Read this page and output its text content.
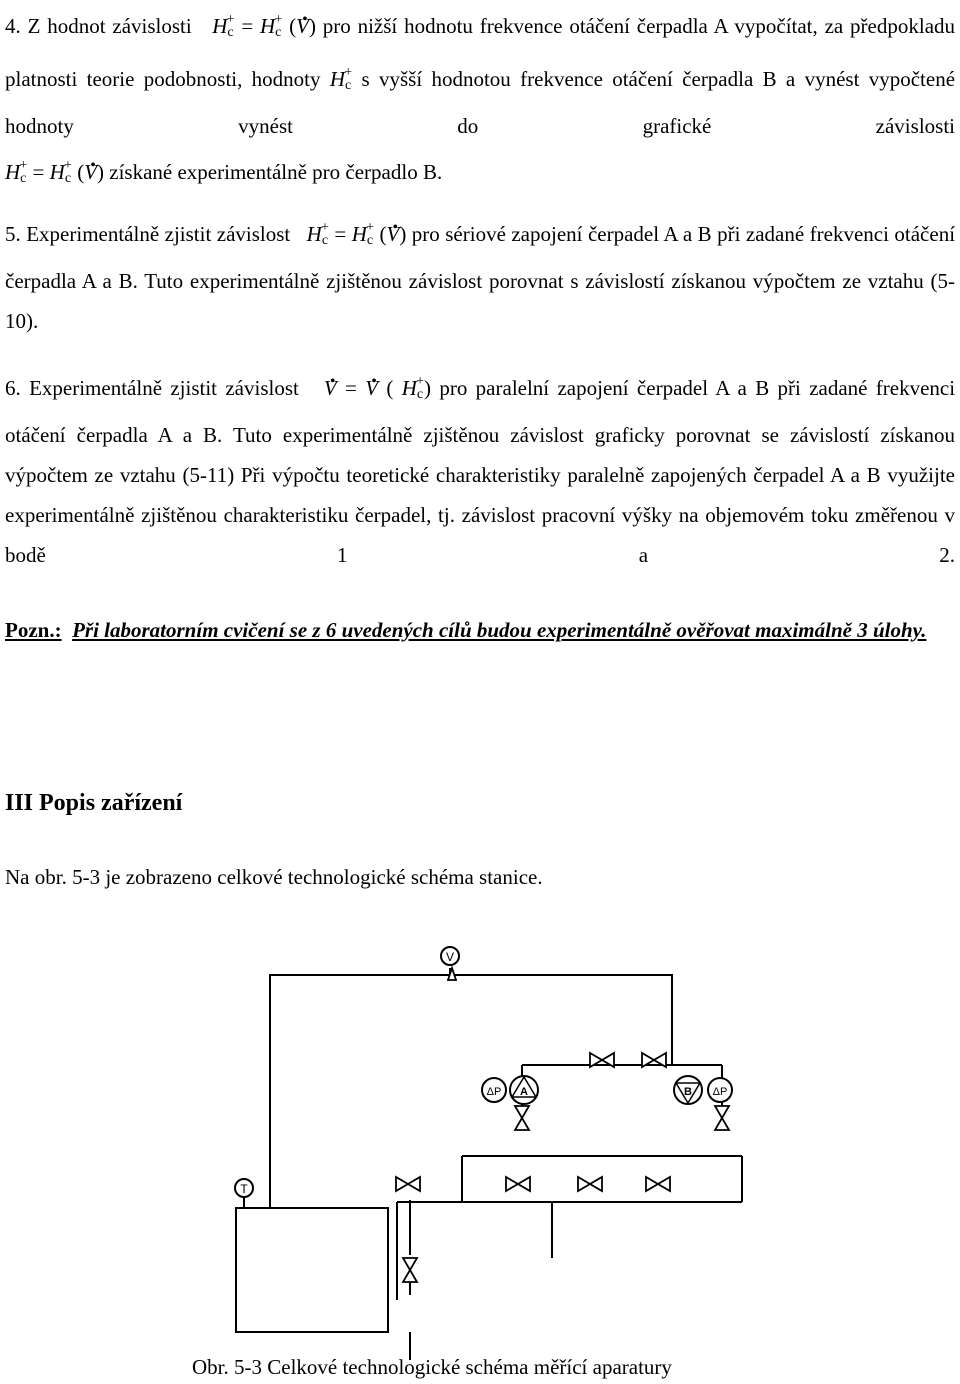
4. Z hodnot závislosti $H_c^+ = H_c^+$ (• V) pro nižší hodnotu frekvence otáčení čerpadla A vypočítat, za předpokladu platnosti teorie podobnosti, hodnoty $H_c^+$ s vyšší hodnotou frekvence otáčení čerpadla B a vynést vypočtené hodnoty vynést do grafické závislosti
$H_c^+ = H_c^+$ (• V) získané experimentálně pro čerpadlo B.

5. Experimentálně zjistit závislost $H_c^+ = H_c^+$ (• V) pro sériové zapojení čerpadel A a B při zadané frekvenci otáčení čerpadla A a B. Tuto experimentálně zjištěnou závislost porovnat s závislostí získanou výpočtem ze vztahu (5-10).

6. Experimentálně zjistit závislost • V = • V ( $H_c^+$) pro paralelní zapojení čerpadel A a B při zadané frekvenci otáčení čerpadla A a B. Tuto experimentálně zjištěnou závislost graficky porovnat se závislostí získanou výpočtem ze vztahu (5-11) Při výpočtu teoretické charakteristiky paralelně zapojených čerpadel A a B využijte experimentálně zjištěnou charakteristiku čerpadel, tj. závislost pracovní výšky na objemovém toku změřenou v bodě 1 a 2.

Pozn.: Při laboratorním cvičení se z 6 uvedených cílů budou experimentálně ověřovat maximálně 3 úlohy.

III Popis zařízení

Na obr. 5-3 je zobrazeno celkové technologické schéma stanice.

V
T
ΔP	ΔP
A	B

Obr. 5-3 Celkové technologické schéma měřící aparatury
